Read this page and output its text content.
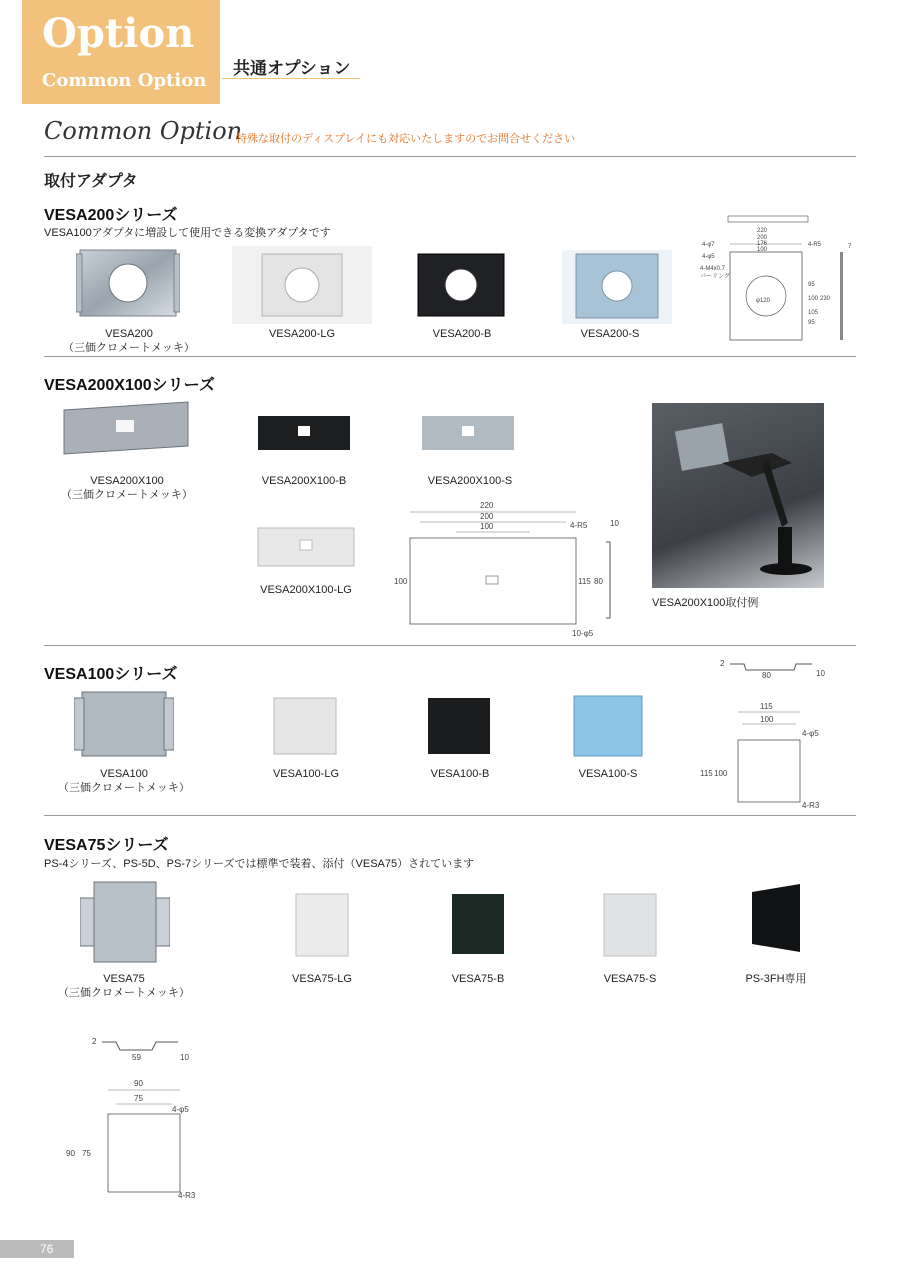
Option
Common Option
共通オプション
Common Option
特殊な取付のディスプレイにも対応いたしますのでお問合せください
取付アダプタ
VESA200シリーズ
VESA100アダプタに増設して使用できる変換アダプタです
VESA200
（三価クロメートメッキ）
VESA200-LG	VESA200-B	VESA200-S
220
200
176
100
4-φ7
4-φ5
4-M4x0.7
バーリング
4-R5
φ120
95
100
105
230
95
7
VESA200X100シリーズ
VESA200X100
（三価クロメートメッキ）
VESA200X100-B	VESA200X100-S
VESA200X100-LG
220
200
100	4-R5
100	115 80
10
10-φ5
VESA200X100取付例
VESA100シリーズ
VESA100
（三価クロメートメッキ）
VESA100-LG	VESA100-B	VESA100-S
2
80	10
115
100
4-φ5
115 100
4-R3
VESA75シリーズ
PS-4シリーズ、PS-5D、PS-7シリーズでは標準で装着、添付（VESA75）されています
VESA75
（三価クロメートメッキ）
VESA75-LG	VESA75-B	VESA75-S	PS-3FH専用
2
59	10
90
75
4-φ5
90 75
4-R3
76
